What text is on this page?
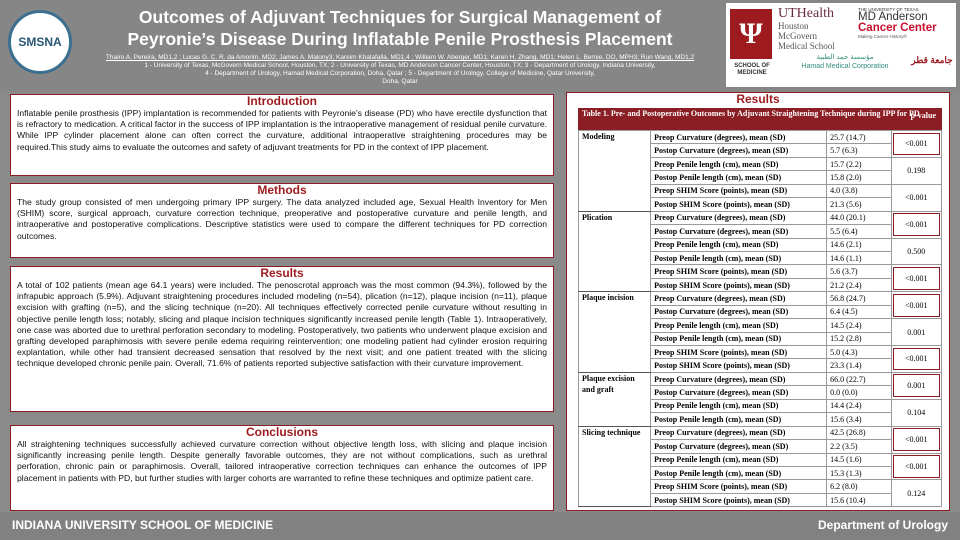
SMSNA
Outcomes of Adjuvant Techniques for Surgical Management of
Peyronie’s Disease During Inflatable Penile Prosthesis Placement
Thairo A. Pereira, MD1,2 ; Lucas G. C. R. da Amorim, MD2; James A. Malony3; Kareim Khalafalla, MD1,4 ; William W. Aberger, MD1; Karen H. Zhang, MD1; Helen L. Bernie, DO, MPH3; Run Wang, MD1,2
1 - University of Texas, McGovern Medical School, Houston, TX; 2 - University of Texas, MD Anderson Cancer Center, Houston, TX; 3 - Department of Urology, Indiana University,
4 - Department of Urology, Hamad Medical Corporation, Doha, Qatar ; 5 - Department of Urology, College of Medicine, Qatar University,
Doha, Qatar
Ψ
SCHOOL OF MEDICINE
UTHealth
Houston
McGovern
Medical School
THE UNIVERSITY OF TEXAS
MD Anderson
Cancer Center
Making Cancer History®
مؤسسة حمد الطبية
Hamad Medical Corporation
جامعة قطر
Introduction

Inflatable penile prosthesis (IPP) implantation is recommended for patients with Peyronie's disease (PD) who have erectile dysfunction that is refractory to medication. A critical factor in the success of IPP implantation is the intraoperative management of residual penile curvature. While IPP cylinder placement alone can often correct the curvature, additional intraoperative straightening procedures may be required.This study aims to evaluate the outcomes and safety of adjuvant treatments for PD in the context of IPP placement.

Methods

The study group consisted of men undergoing primary IPP surgery. The data analyzed included age, Sexual Health Inventory for Men (SHIM) score, surgical approach, curvature correction technique, preoperative and postoperative curvature and penile length, and intraoperative and postoperative complications. Descriptive statistics were used to compare the different techniques for PD correction outcomes.

Results

A total of 102 patients (mean age 64.1 years) were included. The penoscrotal approach was the most common (94.3%), followed by the infrapubic approach (5.9%). Adjuvant straightening procedures included modeling (n=54), plication (n=12), plaque incision (n=11), plaque excision with grafting (n=5), and the slicing technique (n=20). All techniques effectively corrected penile curvature without resulting in objective penile length loss; notably, slicing and plaque incision techniques significantly increased penile length (Table 1). Intraoperatively, one case was aborted due to urethral perforation secondary to modeling. Postoperatively, two patients who underwent plaque excision and grafting developed paraphimosis with severe penile edema requiring reintervention; one modeling patient had cylinder erosion requiring explantation, while other had transient decreased sensation that resolved by the next visit; and one patient treated with the slicing technique developed chronic penile pain. Overall, 71.6% of patients reported subjective satisfaction with their curvature improvement.

Conclusions

All straightening techniques successfully achieved curvature correction without objective length loss, with slicing and plaque incision significantly increasing penile length. Despite generally favorable outcomes, they are not without complications, such as urethral perforation, chronic pain or paraphimosis. Overall, tailored intraoperative correction techniques can enhance the outcomes of IPP placement in patients with PD, but further studies with larger cohorts are warranted to refine these techniques and optimize patient care.

Results
Table 1. Pre- and Postoperative Outcomes by Adjuvant Straightening Technique during IPP for PD
p-value
Modeling	Preop Curvature (degrees), mean (SD)	25.7 (14.7)	<0.001
	Postop Curvature (degrees), mean (SD)	5.7 (6.3)	
	Preop Penile length (cm), mean (SD)	15.7 (2.2)	0.198
	Postop Penile length (cm), mean (SD)	15.8 (2.0)	
	Preop SHIM Score (points), mean (SD)	4.0 (3.8)	<0.001
	Postop SHIM Score (points), mean (SD)	21.3 (5.6)	
Plication	Preop Curvature (degrees), mean (SD)	44.0 (20.1)	<0.001
	Postop Curvature (degrees), mean (SD)	5.5 (6.4)	
	Preop Penile length (cm), mean (SD)	14.6 (2.1)	0.500
	Postop Penile length (cm), mean (SD)	14.6 (1.1)	
	Preop SHIM Score (points), mean (SD)	5.6 (3.7)	<0.001
	Postop SHIM Score (points), mean (SD)	21.2 (2.4)	
Plaque incision	Preop Curvature (degrees), mean (SD)	56.8 (24.7)	<0.001
	Postop Curvature (degrees), mean (SD)	6.4 (4.5)	
	Preop Penile length (cm), mean (SD)	14.5 (2.4)	0.001
	Postop Penile length (cm), mean (SD)	15.2 (2.8)	
	Preop SHIM Score (points), mean (SD)	5.0 (4.3)	<0.001
	Postop SHIM Score (points), mean (SD)	23.3 (1.4)	
Plaque excision and graft	Preop Curvature (degrees), mean (SD)	66.0 (22.7)	0.001
	Postop Curvature (degrees), mean (SD)	0.0 (0.0)	
	Preop Penile length (cm), mean (SD)	14.4 (2.4)	0.104
	Postop Penile length (cm), mean (SD)	15.6 (3.4)	
Slicing technique	Preop Curvature (degrees), mean (SD)	42.5 (26.8)	<0.001
	Postop Curvature (degrees), mean (SD)	2.2 (3.5)	
	Preop Penile length (cm), mean (SD)	14.5 (1.6)	<0.001
	Postop Penile length (cm), mean (SD)	15.3 (1.3)	
	Preop SHIM Score (points), mean (SD)	6.2 (8.0)	0.124
	Postop SHIM Score (points), mean (SD)	15.6 (10.4)	
INDIANA UNIVERSITY SCHOOL OF MEDICINE	Department of Urology
